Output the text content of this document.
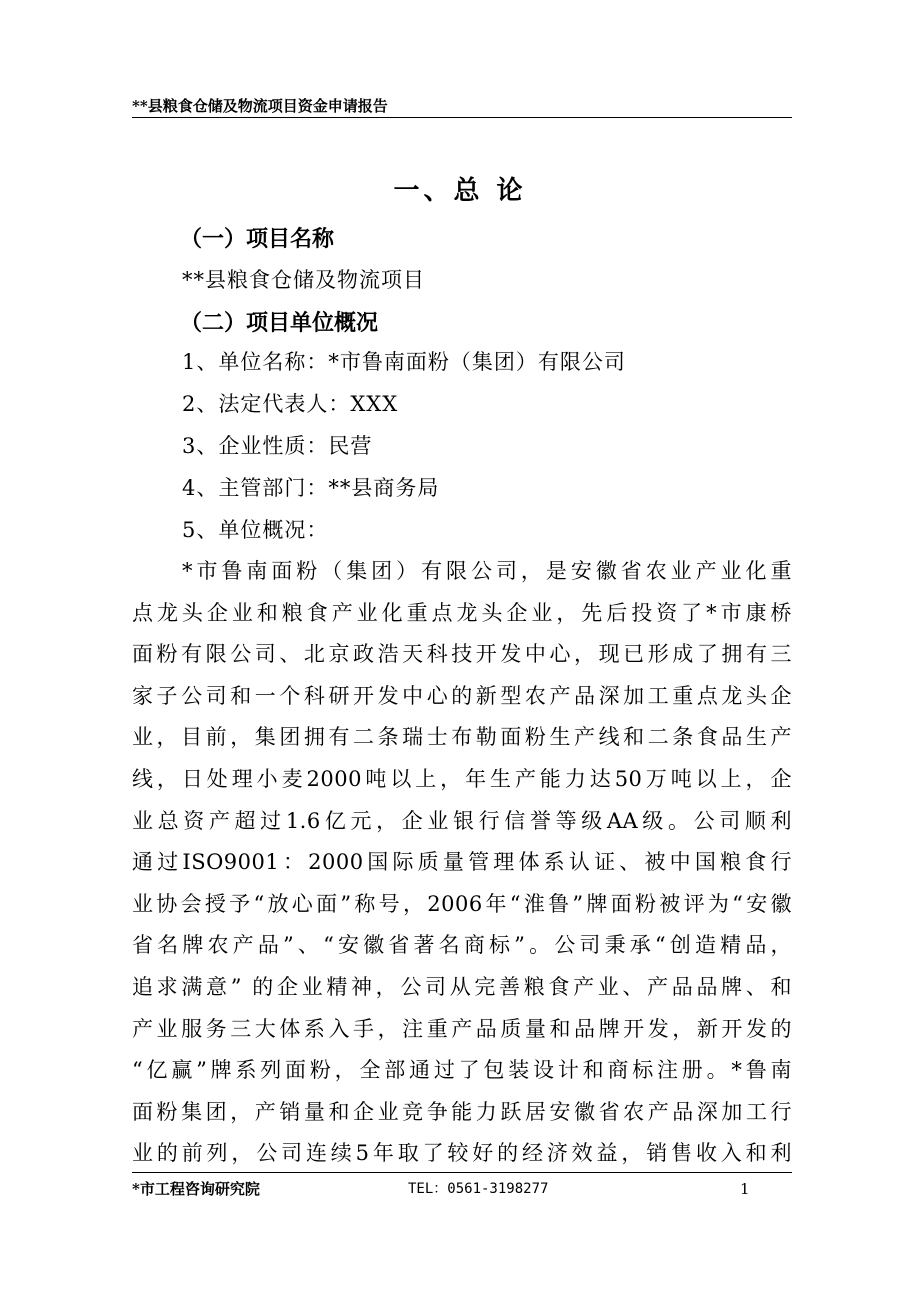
**县粮食仓储及物流项目资金申请报告
一、总 论
（一）项目名称
**县粮食仓储及物流项目
（二）项目单位概况
1、单位名称：*市鲁南面粉（集团）有限公司
2、法定代表人：XXX
3、企业性质：民营
4、主管部门：**县商务局
5、单位概况：
*市鲁南面粉（集团）有限公司，是安徽省农业产业化重
点龙头企业和粮食产业化重点龙头企业，先后投资了*市康桥
面粉有限公司、北京政浩天科技开发中心，现已形成了拥有三
家子公司和一个科研开发中心的新型农产品深加工重点龙头企
业，目前，集团拥有二条瑞士布勒面粉生产线和二条食品生产
线，日处理小麦2000吨以上，年生产能力达50万吨以上，企
业总资产超过1.6亿元，企业银行信誉等级AA级。公司顺利
通过ISO9001：2000国际质量管理体系认证、被中国粮食行
业协会授予“放心面”称号，2006年“淮鲁”牌面粉被评为“安徽
省名牌农产品”、“安徽省著名商标”。公司秉承“创造精品，
追求满意” 的企业精神，公司从完善粮食产业、产品品牌、和
产业服务三大体系入手，注重产品质量和品牌开发，新开发的
“亿赢”牌系列面粉，全部通过了包装设计和商标注册。*鲁南
面粉集团，产销量和企业竞争能力跃居安徽省农产品深加工行
业的前列，公司连续5年取了较好的经济效益，销售收入和利
*市工程咨询研究院	TEL：0561-3198277	1
